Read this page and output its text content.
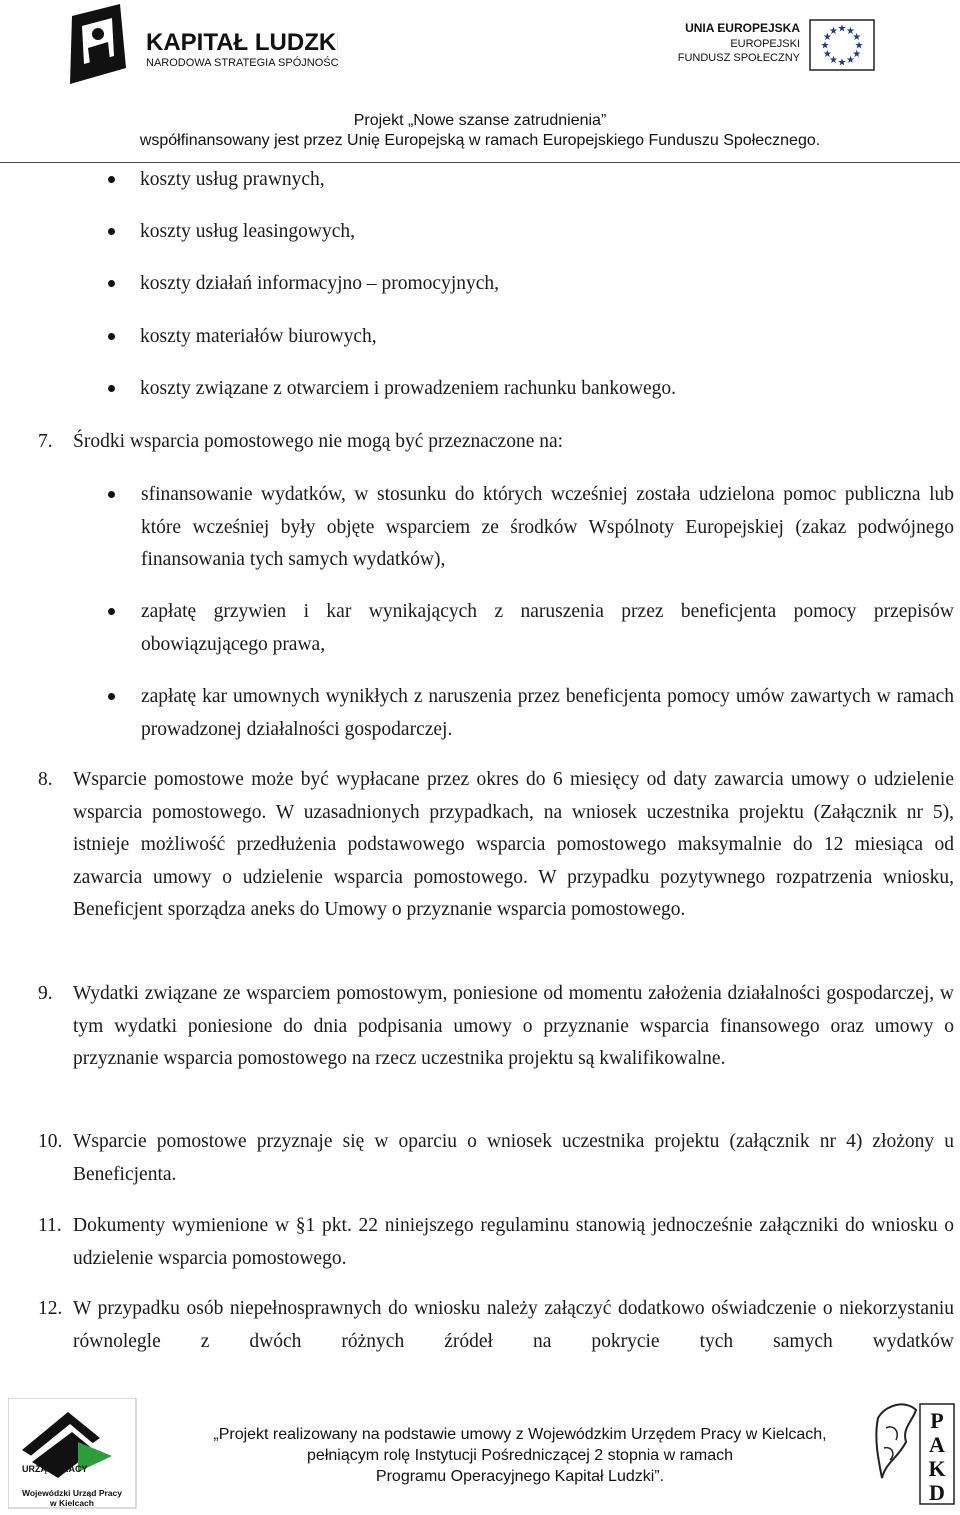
KAPITAŁ LUDZKI
NARODOWA STRATEGIA SPÓJNOŚCI
UNIA EUROPEJSKA
EUROPEJSKI
FUNDUSZ SPOŁECZNY
★ ★
★
★
★
★
★
★
★
★
★
★
Projekt „Nowe szanse zatrudnienia”
współfinansowany jest przez Unię Europejską w ramach Europejskiego Funduszu Społecznego.
koszty usług prawnych,
koszty usług leasingowych,
koszty działań informacyjno – promocyjnych,
koszty materiałów biurowych,
koszty związane z otwarciem i prowadzeniem rachunku bankowego.
7.	Środki wsparcia pomostowego nie mogą być przeznaczone na:
sfinansowanie wydatków, w stosunku do których wcześniej została udzielona pomoc publiczna lub które wcześniej były objęte wsparciem ze środków Wspólnoty Europejskiej (zakaz podwójnego finansowania tych samych wydatków),
zapłatę grzywien i kar wynikających z naruszenia przez beneficjenta pomocy przepisów obowiązującego prawa,
zapłatę kar umownych wynikłych z naruszenia przez beneficjenta pomocy umów zawartych w ramach prowadzonej działalności gospodarczej.
8.	Wsparcie pomostowe może być wypłacane przez okres do 6 miesięcy od daty zawarcia umowy o udzielenie wsparcia pomostowego. W uzasadnionych przypadkach, na wniosek uczestnika projektu (Załącznik nr 5), istnieje możliwość przedłużenia podstawowego wsparcia pomostowego maksymalnie do 12 miesiąca od zawarcia umowy o udzielenie wsparcia pomostowego. W przypadku pozytywnego rozpatrzenia wniosku, Beneficjent sporządza aneks do Umowy o przyznanie wsparcia pomostowego.
9.	Wydatki związane ze wsparciem pomostowym, poniesione od momentu założenia działalności gospodarczej, w tym wydatki poniesione do dnia podpisania umowy o przyznanie wsparcia finansowego oraz umowy o przyznanie wsparcia pomostowego na rzecz uczestnika projektu są kwalifikowalne.
10. Wsparcie pomostowe przyznaje się w oparciu o wniosek uczestnika projektu (załącznik nr 4) złożony u Beneficjenta.
11. Dokumenty wymienione w §1 pkt. 22 niniejszego regulaminu stanowią jednocześnie załączniki do wniosku o udzielenie wsparcia pomostowego.
12. W przypadku osób niepełnosprawnych do wniosku należy załączyć dodatkowo oświadczenie o niekorzystaniu równolegle z dwóch różnych źródeł na pokrycie tych samych wydatków
URZĄD PRACY
Wojewódzki Urząd Pracy
w Kielcach
„Projekt realizowany na podstawie umowy z Wojewódzkim Urzędem Pracy w Kielcach,
pełniącym rolę Instytucji Pośredniczącej 2 stopnia w ramach
Programu Operacyjnego Kapitał Ludzki”.
P A K D
